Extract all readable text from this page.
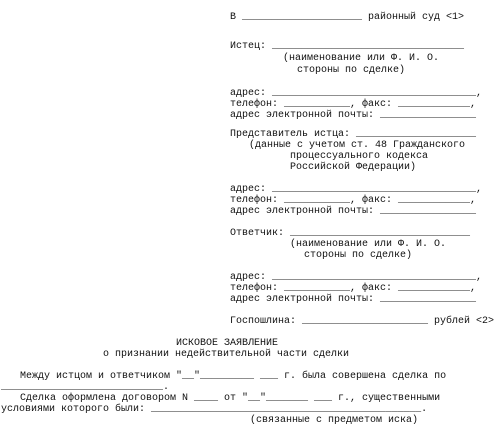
В ____________________ районный суд <1>
Истец: ________________________________
(наименование или Ф. И. О.
стороны по сделке)
адрес: __________________________________,
телефон: ___________, факс: ____________,
адрес электронной почты: ________________
Представитель истца: ____________________
(данные с учетом ст. 48 Гражданского
процессуального кодекса
Российской Федерации)
адрес: __________________________________,
телефон: ___________, факс: ____________,
адрес электронной почты: ________________
Ответчик: ______________________________
(наименование или Ф. И. О.
стороны по сделке)
адрес: __________________________________,
телефон: ___________, факс: ____________,
адрес электронной почты: ________________
Госпошлина: _____________________ рублей <2>
ИСКОВОЕ ЗАЯВЛЕНИЕ
о признании недействительной части сделки
Между истцом и ответчиком "__"_________ ___ г. была совершена сделка по
___________________________.
Сделка оформлена договором N ____ от "__"_______ ___ г., существенными
условиями которого были: _____________________________________________.
(связанные с предметом иска)
